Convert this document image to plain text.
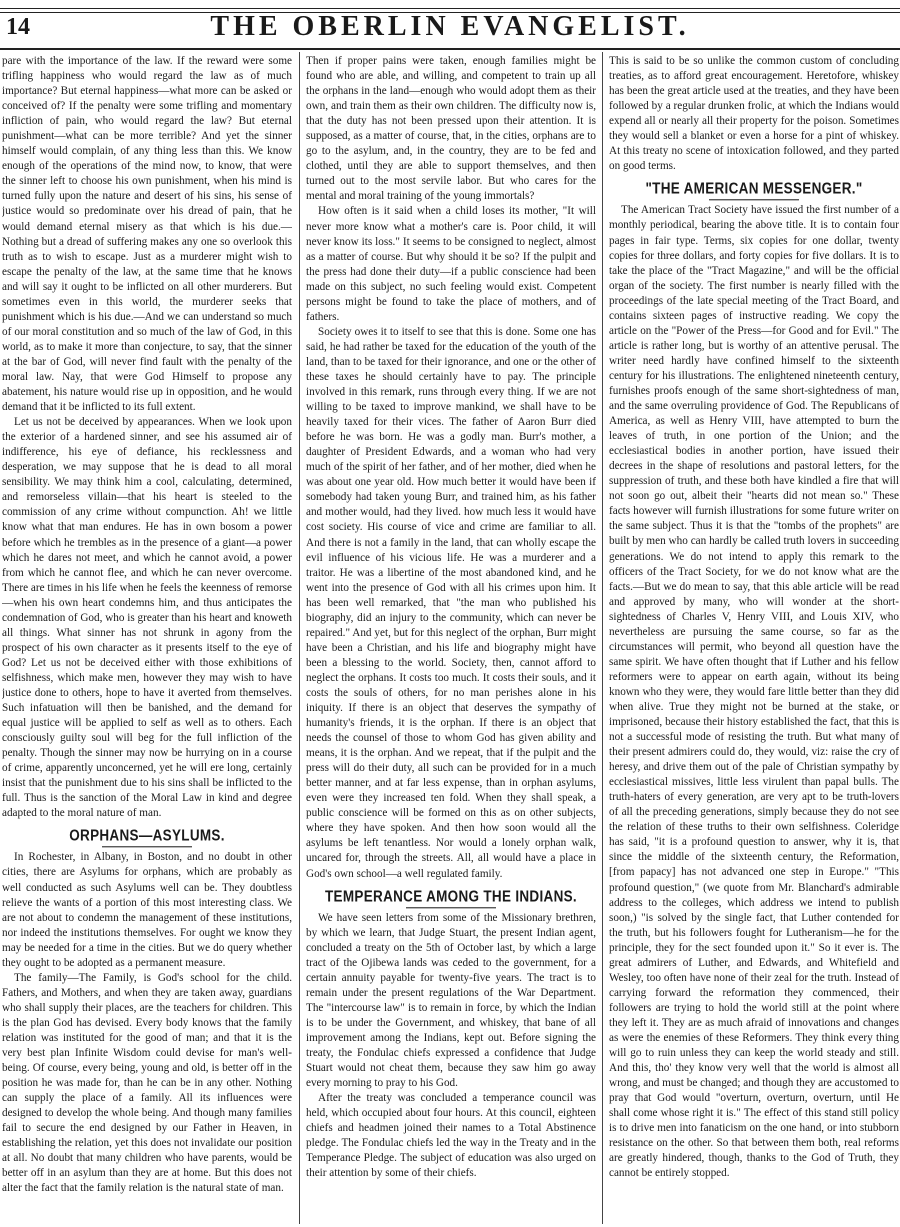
14	THE OBERLIN EVANGELIST.

pare with the importance of the law. If the reward were some trifling happiness who would regard the law as of much importance? But eternal happiness—what more can be asked or conceived of? If the penalty were some trifling and momentary infliction of pain, who would regard the law? But eternal punishment—what can be more terrible? And yet the sinner himself would complain, of any thing less than this. We know enough of the operations of the mind now, to know, that were the sinner left to choose his own punishment, when his mind is turned fully upon the nature and desert of his sins, his sense of justice would so predominate over his dread of pain, that he would demand eternal misery as that which is his due.—Nothing but a dread of suffering makes any one so overlook this truth as to wish to escape. Just as a murderer might wish to escape the penalty of the law, at the same time that he knows and will say it ought to be inflicted on all other murderers. But sometimes even in this world, the murderer seeks that punishment which is his due.—And we can understand so much of our moral constitution and so much of the law of God, in this world, as to make it more than conjecture, to say, that the sinner at the bar of God, will never find fault with the penalty of the moral law. Nay, that were God Himself to propose any abatement, his nature would rise up in opposition, and he would demand that it be inflicted to its full extent.

Let us not be deceived by appearances. When we look upon the exterior of a hardened sinner, and see his assumed air of indifference, his eye of defiance, his recklessness and desperation, we may suppose that he is dead to all moral sensibility. We may think him a cool, calculating, determined, and remorseless villain—that his heart is steeled to the commission of any crime without compunction. Ah! we little know what that man endures. He has in own bosom a power before which he trembles as in the presence of a giant—a power which he dares not meet, and which he cannot avoid, a power from which he cannot flee, and which he can never overcome. There are times in his life when he feels the keenness of remorse—when his own heart condemns him, and thus anticipates the condemnation of God, who is greater than his heart and knoweth all things. What sinner has not shrunk in agony from the prospect of his own character as it presents itself to the eye of God? Let us not be deceived either with those exhibitions of selfishness, which make men, however they may wish to have justice done to others, hope to have it averted from themselves. Such infatuation will then be banished, and the demand for equal justice will be applied to self as well as to others. Each consciously guilty soul will beg for the full infliction of the penalty. Though the sinner may now be hurrying on in a course of crime, apparently unconcerned, yet he will ere long, certainly insist that the punishment due to his sins shall be inflicted to the full. Thus is the sanction of the Moral Law in kind and degree adapted to the moral nature of man.

ORPHANS—ASYLUMS.

In Rochester, in Albany, in Boston, and no doubt in other cities, there are Asylums for orphans, which are probably as well conducted as such Asylums well can be. They doubtless relieve the wants of a portion of this most interesting class. We are not about to condemn the management of these institutions, nor indeed the institutions themselves. For ought we know they may be needed for a time in the cities. But we do query whether they ought to be adopted as a permanent measure.

The family—The Family, is God's school for the child. Fathers, and Mothers, and when they are taken away, guardians who shall supply their places, are the teachers for children. This is the plan God has devised. Every body knows that the family relation was instituted for the good of man; and that it is the very best plan Infinite Wisdom could devise for man's well-being. Of course, every being, young and old, is better off in the position he was made for, than he can be in any other. Nothing can supply the place of a family. All its influences were designed to develop the whole being. And though many families fail to secure the end designed by our Father in Heaven, in establishing the relation, yet this does not invalidate our position at all. No doubt that many children who have parents, would be better off in an asylum than they are at home. But this does not alter the fact that the family relation is the natural state of man.

Then if proper pains were taken, enough families might be found who are able, and willing, and competent to train up all the orphans in the land—enough who would adopt them as their own, and train them as their own children. The difficulty now is, that the duty has not been pressed upon their attention. It is supposed, as a matter of course, that, in the cities, orphans are to go to the asylum, and, in the country, they are to be fed and clothed, until they are able to support themselves, and then turned out to the most servile labor. But who cares for the mental and moral training of the young immortals?

How often is it said when a child loses its mother, "It will never more know what a mother's care is. Poor child, it will never know its loss." It seems to be consigned to neglect, almost as a matter of course. But why should it be so? If the pulpit and the press had done their duty—if a public conscience had been made on this subject, no such feeling would exist. Competent persons might be found to take the place of mothers, and of fathers.

Society owes it to itself to see that this is done. Some one has said, he had rather be taxed for the education of the youth of the land, than to be taxed for their ignorance, and one or the other of these taxes he should certainly have to pay. The principle involved in this remark, runs through every thing. If we are not willing to be taxed to improve mankind, we shall have to be heavily taxed for their vices. The father of Aaron Burr died before he was born. He was a godly man. Burr's mother, a daughter of President Edwards, and a woman who had very much of the spirit of her father, and of her mother, died when he was about one year old. How much better it would have been if somebody had taken young Burr, and trained him, as his father and mother would, had they lived. how much less it would have cost society. His course of vice and crime are familiar to all. And there is not a family in the land, that can wholly escape the evil influence of his vicious life. He was a murderer and a traitor. He was a libertine of the most abandoned kind, and he went into the presence of God with all his crimes upon him. It has been well remarked, that "the man who published his biography, did an injury to the community, which can never be repaired." And yet, but for this neglect of the orphan, Burr might have been a Christian, and his life and biography might have been a blessing to the world. Society, then, cannot afford to neglect the orphans. It costs too much. It costs their souls, and it costs the souls of others, for no man perishes alone in his iniquity. If there is an object that deserves the sympathy of humanity's friends, it is the orphan. If there is an object that needs the counsel of those to whom God has given ability and means, it is the orphan. And we repeat, that if the pulpit and the press will do their duty, all such can be provided for in a much better manner, and at far less expense, than in orphan asylums, even were they increased ten fold. When they shall speak, a public conscience will be formed on this as on other subjects, where they have spoken. And then how soon would all the asylums be left tenantless. Nor would a lonely orphan walk, uncared for, through the streets. All, all would have a place in God's own school—a well regulated family.

TEMPERANCE AMONG THE INDIANS.

We have seen letters from some of the Missionary brethren, by which we learn, that Judge Stuart, the present Indian agent, concluded a treaty on the 5th of October last, by which a large tract of the Ojibewa lands was ceded to the government, for a certain annuity payable for twenty-five years. The tract is to remain under the present regulations of the War Department. The "intercourse law" is to remain in force, by which the Indian is to be under the Government, and whiskey, that bane of all improvement among the Indians, kept out. Before signing the treaty, the Fondulac chiefs expressed a confidence that Judge Stuart would not cheat them, because they saw him go away every morning to pray to his God.

After the treaty was concluded a temperance council was held, which occupied about four hours. At this council, eighteen chiefs and headmen joined their names to a Total Abstinence pledge. The Fondulac chiefs led the way in the Treaty and in the Temperance Pledge. The subject of education was also urged on their attention by some of their chiefs.

This is said to be so unlike the common custom of concluding treaties, as to afford great encouragement. Heretofore, whiskey has been the great article used at the treaties, and they have been followed by a regular drunken frolic, at which the Indians would expend all or nearly all their property for the poison. Sometimes they would sell a blanket or even a horse for a pint of whiskey. At this treaty no scene of intoxication followed, and they parted on good terms.

"THE AMERICAN MESSENGER."

The American Tract Society have issued the first number of a monthly periodical, bearing the above title. It is to contain four pages in fair type. Terms, six copies for one dollar, twenty copies for three dollars, and forty copies for five dollars. It is to take the place of the "Tract Magazine," and will be the official organ of the society. The first number is nearly filled with the proceedings of the late special meeting of the Tract Board, and contains sixteen pages of instructive reading. We copy the article on the "Power of the Press—for Good and for Evil." The article is rather long, but is worthy of an attentive perusal. The writer need hardly have confined himself to the sixteenth century for his illustrations. The enlightened nineteenth century, furnishes proofs enough of the same short-sightedness of man, and the same overruling providence of God. The Republicans of America, as well as Henry VIII, have attempted to burn the leaves of truth, in one portion of the Union; and the ecclesiastical bodies in another portion, have issued their decrees in the shape of resolutions and pastoral letters, for the suppression of truth, and these both have kindled a fire that will not soon go out, albeit their "hearts did not mean so." These facts however will furnish illustrations for some future writer on the same subject. Thus it is that the "tombs of the prophets" are built by men who can hardly be called truth lovers in succeeding generations. We do not intend to apply this remark to the officers of the Tract Society, for we do not know what are the facts.—But we do mean to say, that this able article will be read and approved by many, who will wonder at the short-sightedness of Charles V, Henry VIII, and Louis XIV, who nevertheless are pursuing the same course, so far as the circumstances will permit, who beyond all question have the same spirit. We have often thought that if Luther and his fellow reformers were to appear on earth again, without its being known who they were, they would fare little better than they did when alive. True they might not be burned at the stake, or imprisoned, because their history established the fact, that this is not a successful mode of resisting the truth. But what many of their present admirers could do, they would, viz: raise the cry of heresy, and drive them out of the pale of Christian sympathy by ecclesiastical missives, little less virulent than papal bulls. The truth-haters of every generation, are very apt to be truth-lovers of all the preceding generations, simply because they do not see the relation of these truths to their own selfishness. Coleridge has said, "it is a profound question to answer, why it is, that since the middle of the sixteenth century, the Reformation, [from papacy] has not advanced one step in Europe." "This profound question," (we quote from Mr. Blanchard's admirable address to the colleges, which address we intend to publish soon,) "is solved by the single fact, that Luther contended for the truth, but his followers fought for Lutheranism—he for the principle, they for the sect founded upon it." So it ever is. The great admirers of Luther, and Edwards, and Whitefield and Wesley, too often have none of their zeal for the truth. Instead of carrying forward the reformation they commenced, their followers are trying to hold the world still at the point where they left it. They are as much afraid of innovations and changes as were the enemies of these Reformers. They think every thing will go to ruin unless they can keep the world steady and still. And this, tho' they know very well that the world is almost all wrong, and must be changed; and though they are accustomed to pray that God would "overturn, overturn, overturn, until He shall come whose right it is." The effect of this stand still policy is to drive men into fanaticism on the one hand, or into stubborn resistance on the other. So that between them both, real reforms are greatly hindered, though, thanks to the God of Truth, they cannot be entirely stopped.
